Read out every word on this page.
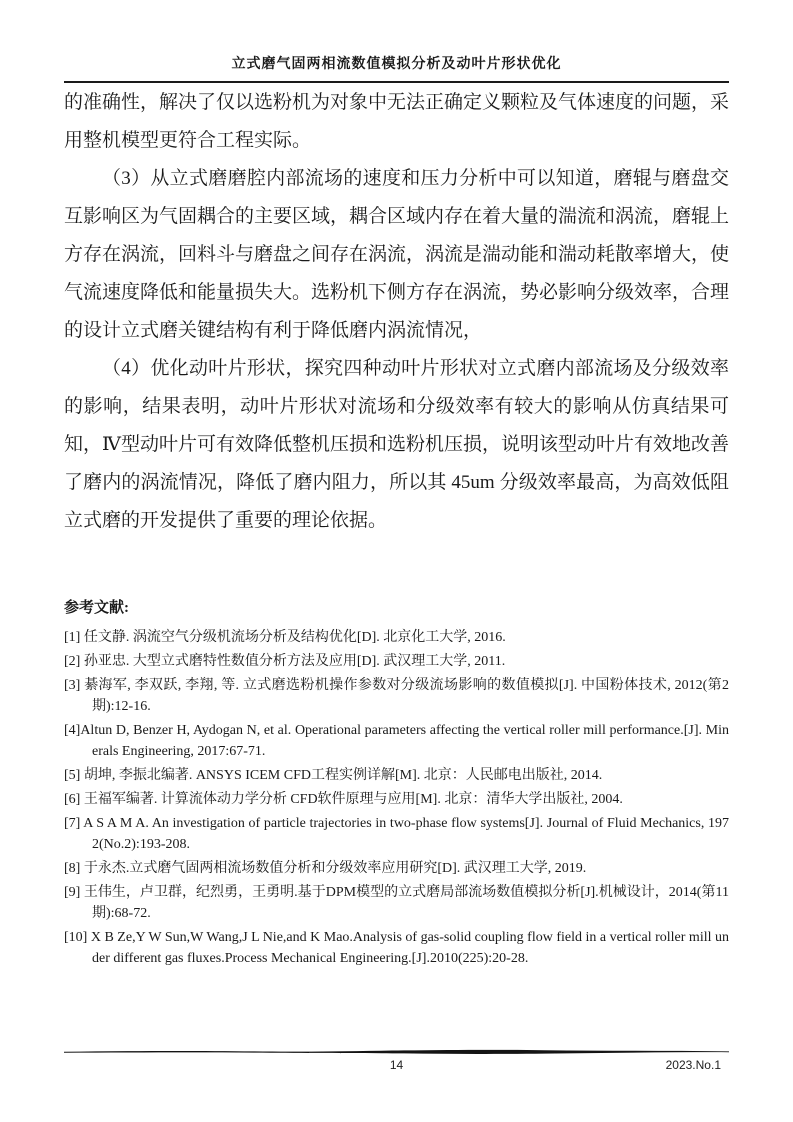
立式磨气固两相流数值模拟分析及动叶片形状优化

的准确性，解决了仅以选粉机为对象中无法正确定义颗粒及气体速度的问题，采用整机模型更符合工程实际。

（3）从立式磨磨腔内部流场的速度和压力分析中可以知道，磨辊与磨盘交互影响区为气固耦合的主要区域，耦合区域内存在着大量的湍流和涡流，磨辊上方存在涡流，回料斗与磨盘之间存在涡流，涡流是湍动能和湍动耗散率增大，使气流速度降低和能量损失大。选粉机下侧方存在涡流，势必影响分级效率，合理的设计立式磨关键结构有利于降低磨内涡流情况，

（4）优化动叶片形状，探究四种动叶片形状对立式磨内部流场及分级效率的影响，结果表明，动叶片形状对流场和分级效率有较大的影响从仿真结果可知，Ⅳ型动叶片可有效降低整机压损和选粉机压损，说明该型动叶片有效地改善了磨内的涡流情况，降低了磨内阻力，所以其 45um 分级效率最高，为高效低阻立式磨的开发提供了重要的理论依据。

参考文献:
[1] 任文静. 涡流空气分级机流场分析及结构优化[D]. 北京化工大学, 2016.
[2] 孙亚忠. 大型立式磨特性数值分析方法及应用[D]. 武汉理工大学, 2011.
[3] 綦海军, 李双跃, 李翔, 等. 立式磨选粉机操作参数对分级流场影响的数值模拟[J]. 中国粉体技术, 2012(第2期):12-16.
[4]Altun D, Benzer H, Aydogan N, et al. Operational parameters affecting the vertical roller mill performance.[J]. Minerals Engineering, 2017:67-71.
[5] 胡坤, 李振北编著. ANSYS ICEM CFD工程实例详解[M]. 北京：人民邮电出版社, 2014.
[6] 王福军编著. 计算流体动力学分析 CFD软件原理与应用[M]. 北京：清华大学出版社, 2004.
[7] A S A M A. An investigation of particle trajectories in two-phase flow systems[J]. Journal of Fluid Mechanics, 1972(No.2):193-208.
[8] 于永杰.立式磨气固两相流场数值分析和分级效率应用研究[D]. 武汉理工大学, 2019.
[9] 王伟生，卢卫群，纪烈勇，王勇明.基于DPM模型的立式磨局部流场数值模拟分析[J].机械设计，2014(第11期):68-72.
[10] X B Ze,Y W Sun,W Wang,J L Nie,and K Mao.Analysis of gas-solid coupling flow field in a vertical roller mill under different gas fluxes.Process Mechanical Engineering.[J].2010(225):20-28.
14	2023.No.1
